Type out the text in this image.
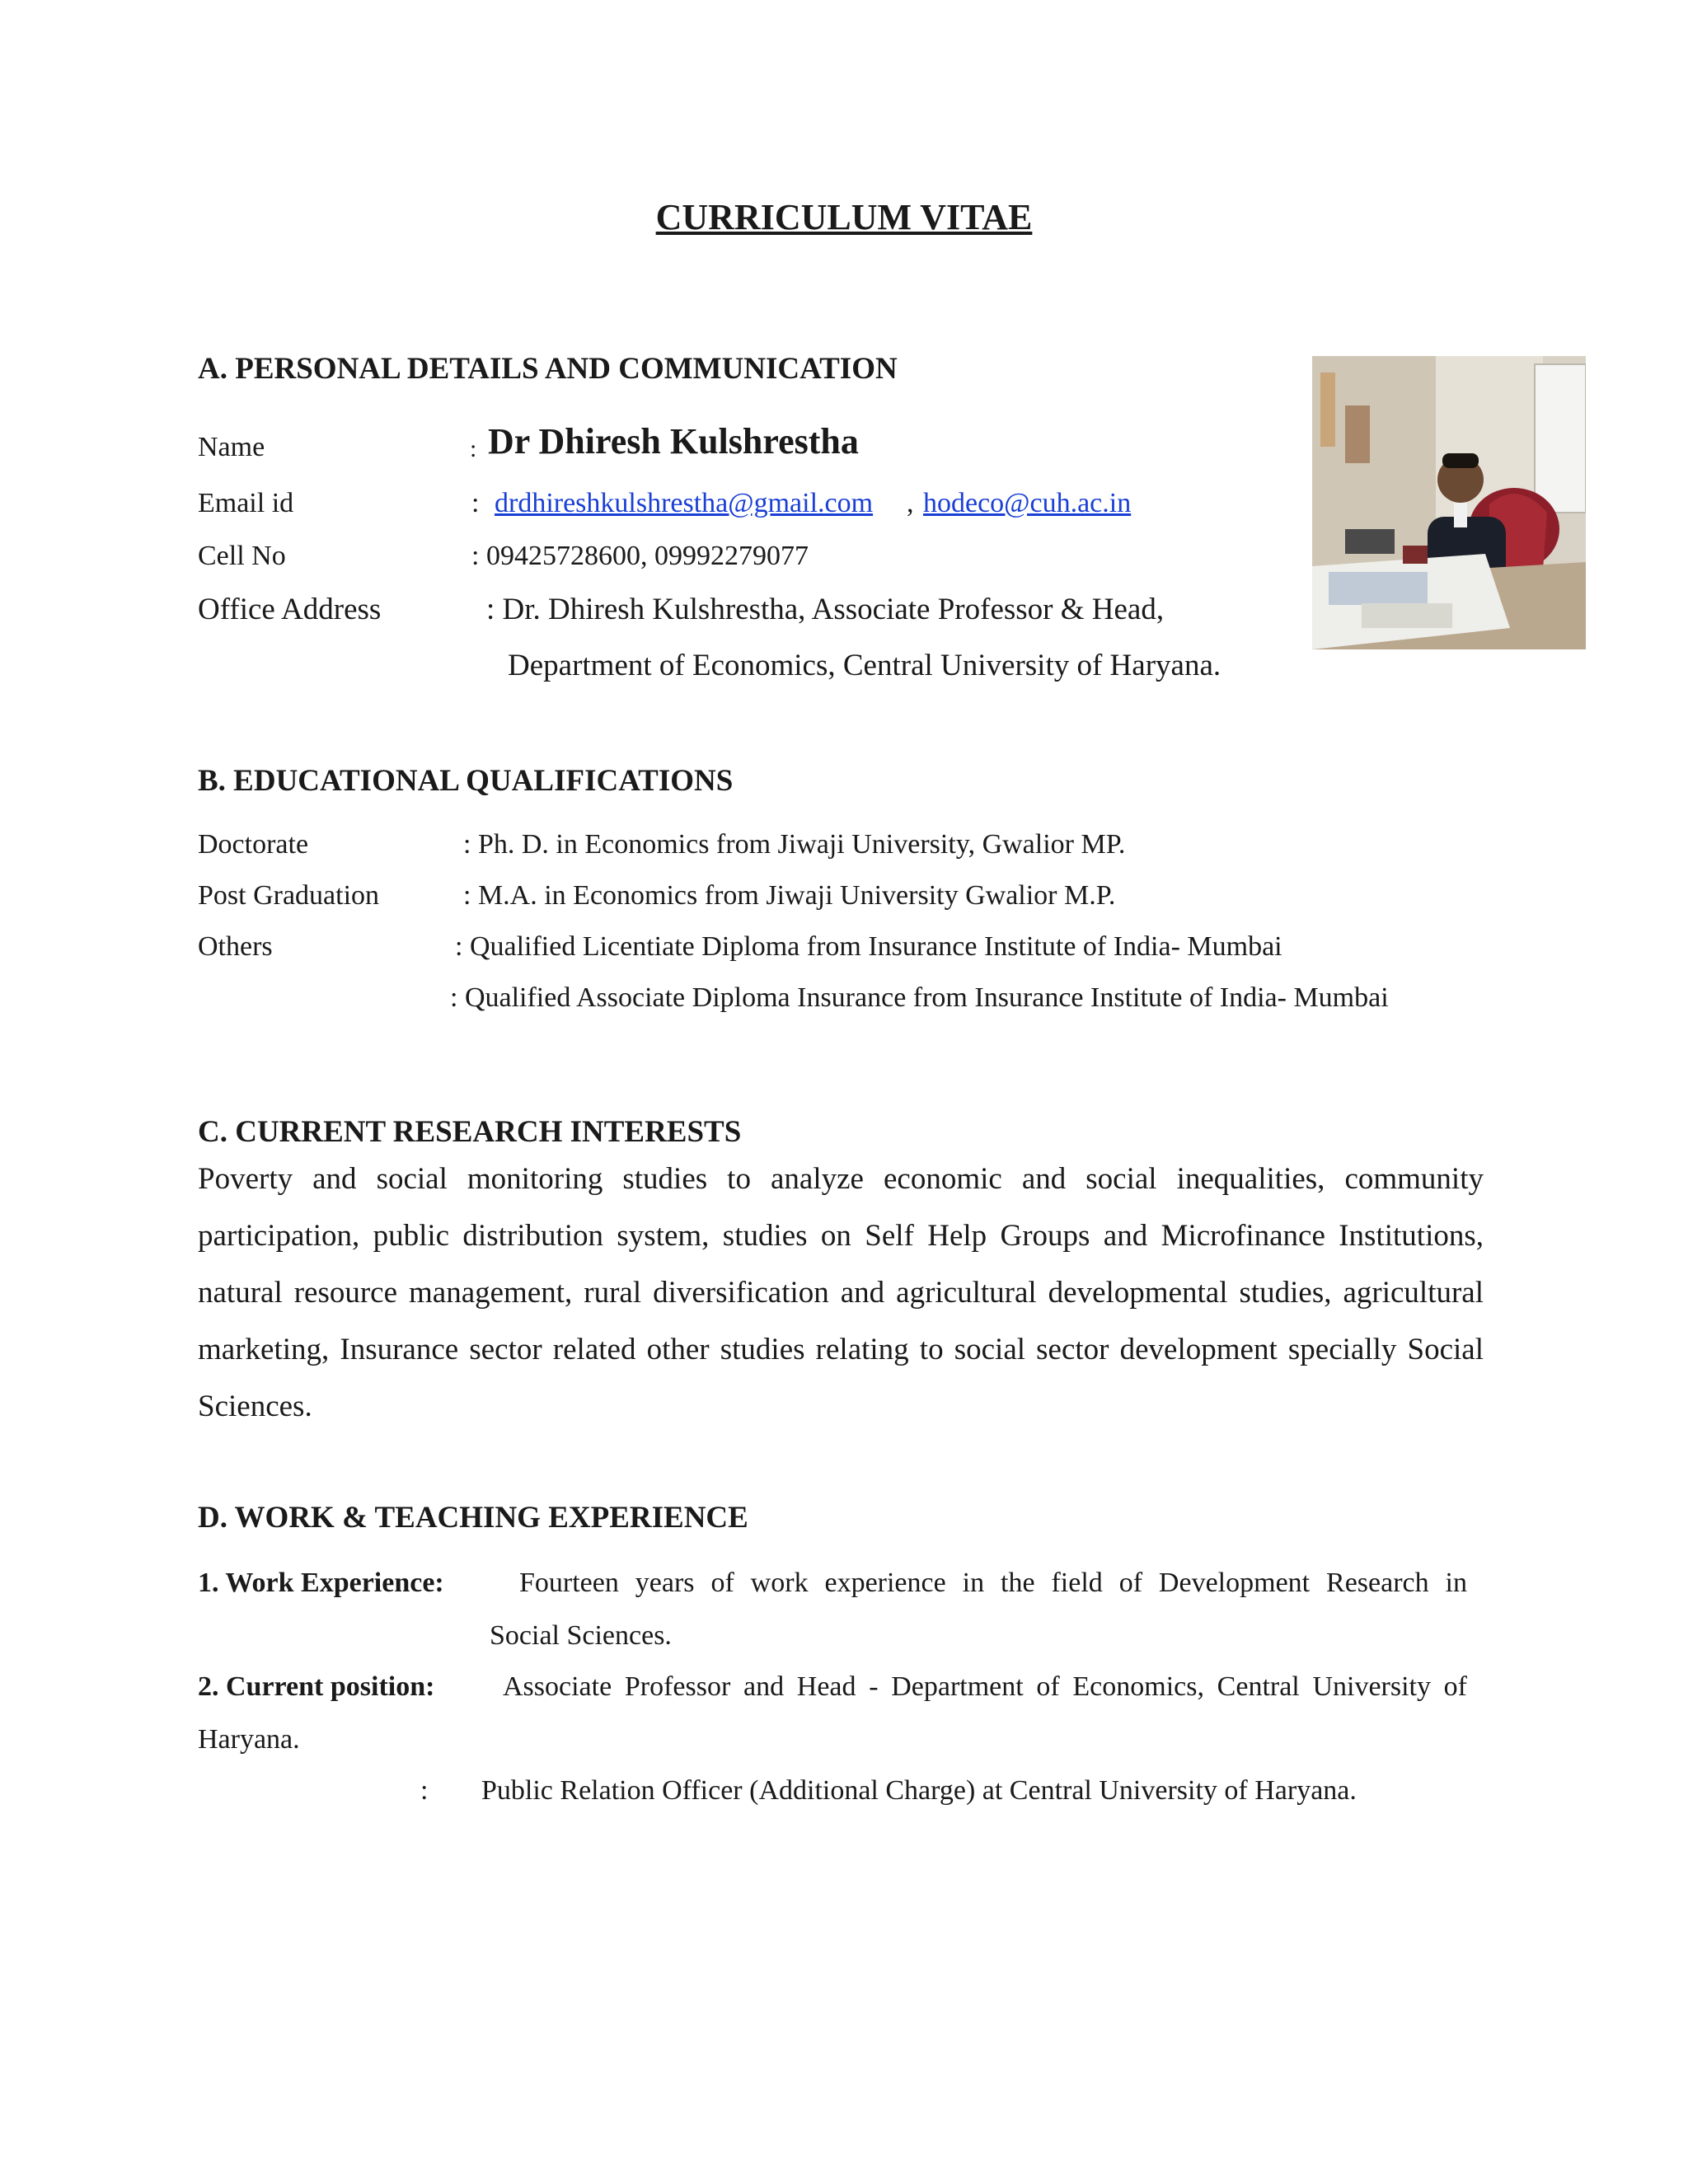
CURRICULUM VITAE
A. PERSONAL DETAILS AND COMMUNICATION
Name	: Dr Dhiresh Kulshrestha
Email id	: drdhireshkulshrestha@gmail.com , hodeco@cuh.ac.in
Cell No	: 09425728600, 09992279077
Office Address	: Dr. Dhiresh Kulshrestha, Associate Professor & Head,
Department of Economics, Central University of Haryana.
B. EDUCATIONAL QUALIFICATIONS
Doctorate	: Ph. D. in Economics from Jiwaji University, Gwalior MP.
Post Graduation	: M.A. in Economics from Jiwaji University Gwalior M.P.
Others	: Qualified Licentiate Diploma from Insurance Institute of India- Mumbai
: Qualified Associate Diploma Insurance from Insurance Institute of India- Mumbai
C. CURRENT RESEARCH INTERESTS
Poverty and social monitoring studies to analyze economic and social inequalities, community participation, public distribution system, studies on Self Help Groups and Microfinance Institutions, natural resource management, rural diversification and agricultural developmental studies, agricultural marketing, Insurance sector related other studies relating to social sector development specially Social Sciences.
D. WORK & TEACHING EXPERIENCE
1. Work Experience:	Fourteen years of work experience in the field of Development Research in
Social Sciences.
2. Current position: Associate Professor and Head - Department of Economics, Central University of
Haryana.
: Public Relation Officer (Additional Charge) at Central University of Haryana.
